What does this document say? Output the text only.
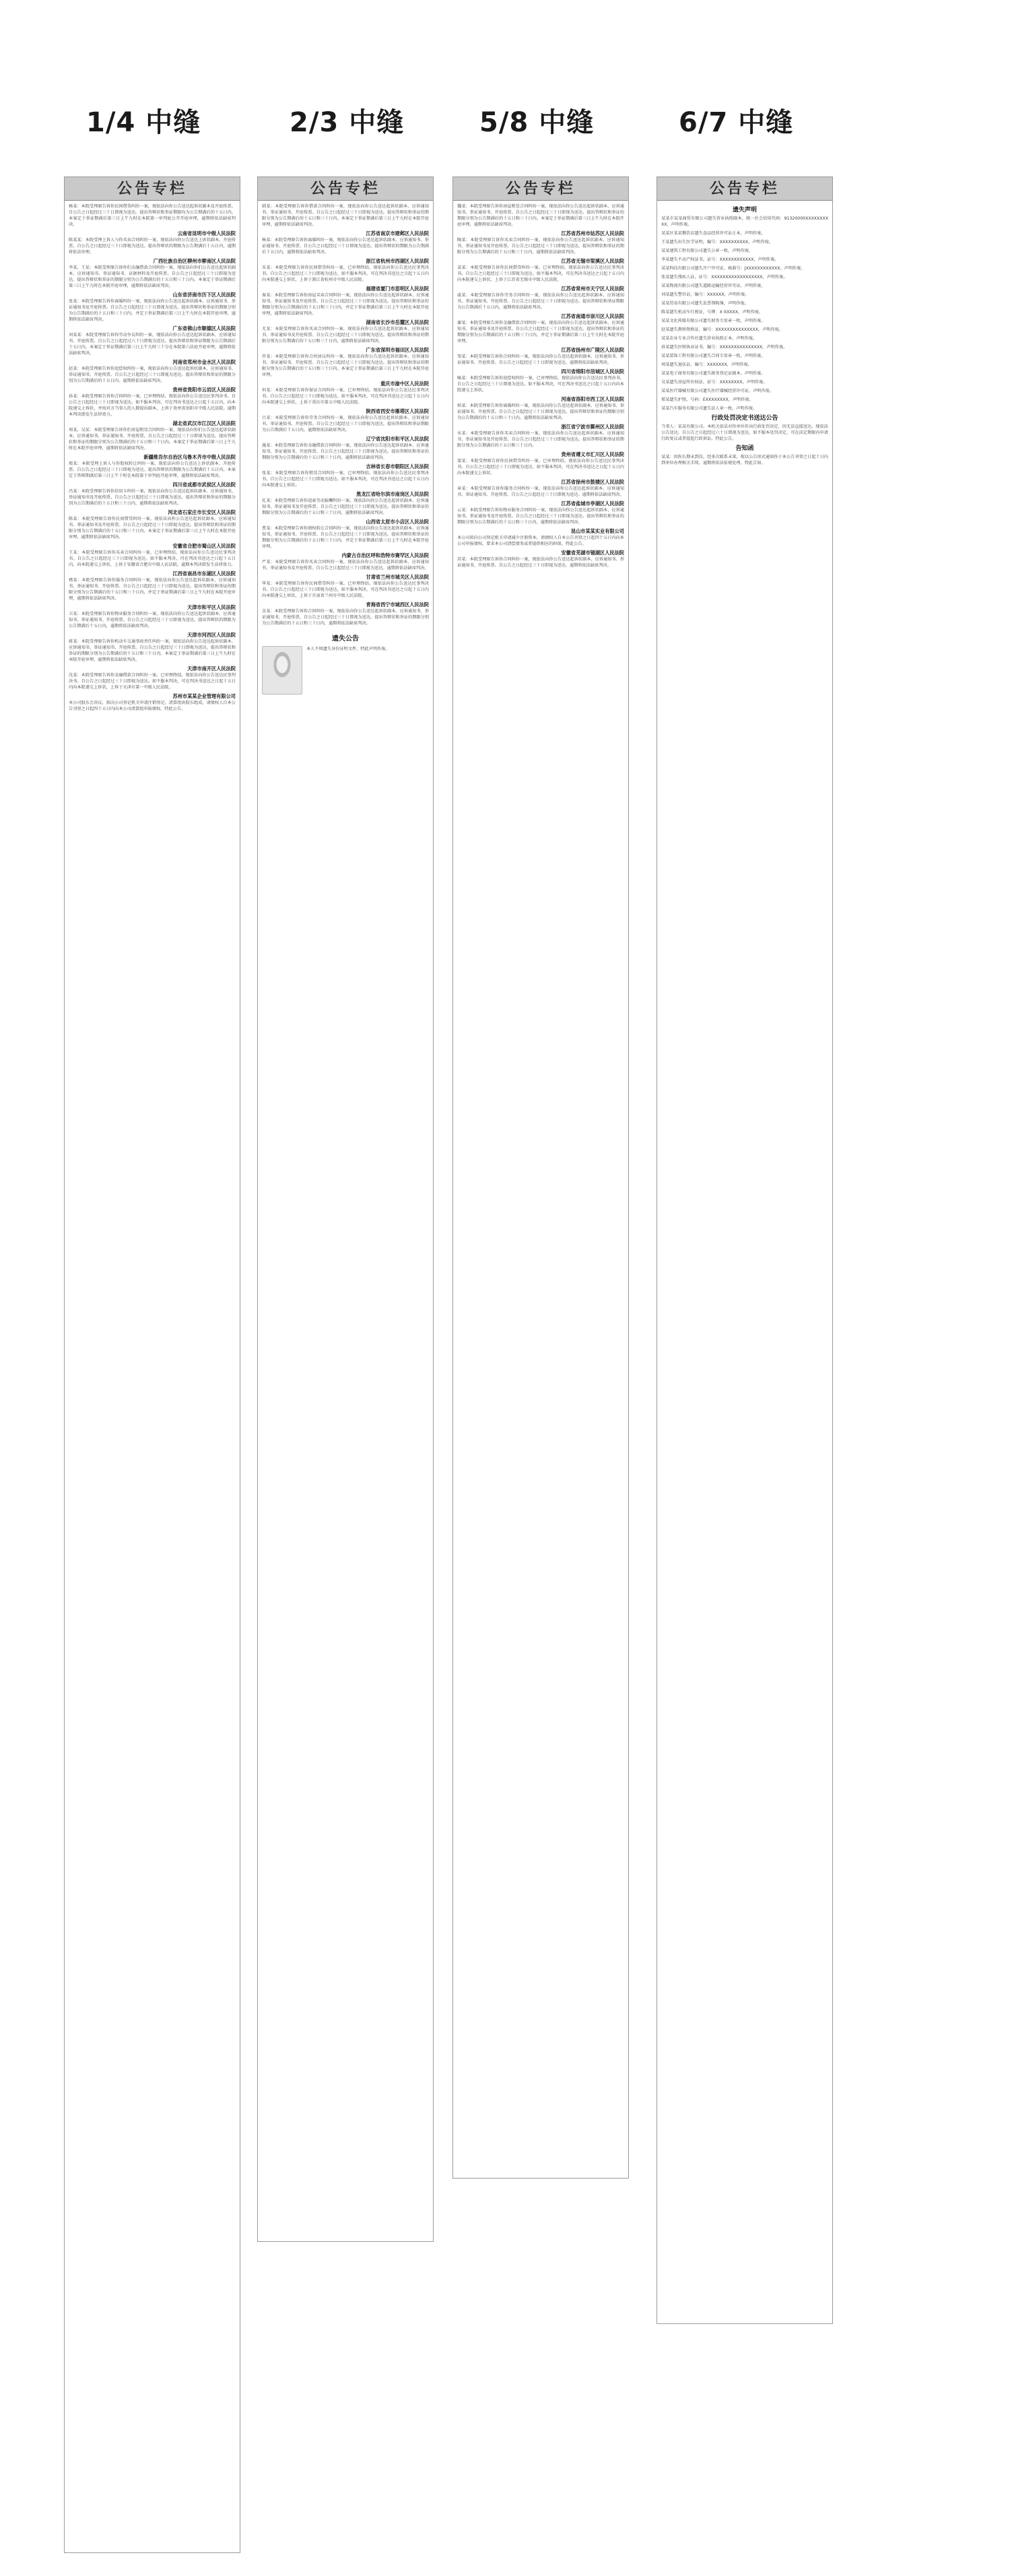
1/4 中缝	2/3 中缝	5/8 中缝	6/7 中缝
公告专栏
杨某：本院受理原告诉你民间借贷纠纷一案，现依法向你公告送达起诉状副本及开庭传票。自公告之日起经过三十日即视为送达。提出答辩状和举证期限均为公告期满后的十五日内。本案定于举证期满后第三日上午九时在本院第一审判庭公开开庭审理，逾期将依法缺席判决。
云南省昆明市中级人民法院
陈某某：本院受理上诉人与你买卖合同纠纷一案，现依法向你公告送达上诉状副本、开庭传票。自公告之日起经过三十日即视为送达。提出答辩状的期限为公告期满后十五日内，逾期将依法审理。
广西壮族自治区柳州市柳南区人民法院
李某、王某：本院受理原告诉你们金融借款合同纠纷一案，现依法向你们公告送达起诉状副本、应诉通知书、举证通知书、证据材料及开庭传票。自公告之日起经过三十日即视为送达。提出答辩状和举证的期限分别为公告期满后的十五日和三十日内。本案定于举证期满后第三日上午九时在本院开庭审理，逾期将依法缺席判决。
山东省济南市历下区人民法院
张某：本院受理原告诉你离婚纠纷一案，现依法向你公告送达起诉状副本、应诉通知书、举证通知书及开庭传票。自公告之日起经过三十日即视为送达。提出答辩状和举证的期限分别为公告期满后的十五日和三十日内，并定于举证期满后第三日上午九时在本院开庭审理，逾期将依法缺席判决。
广东省佛山市顺德区人民法院
刘某某：本院受理原告诉你劳动争议纠纷一案，现依法向你公告送达起诉状副本、应诉通知书、开庭传票。自公告之日起经过六十日即视为送达。提出答辩状和举证期限为公告期满后十五日内。本案定于举证期满后第三日上午九时三十分在本院第六法庭开庭审理，逾期将依法缺席判决。
河南省郑州市金水区人民法院
赵某：本院受理原告诉你追偿权纠纷一案，现依法向你公告送达起诉状副本、应诉通知书、举证通知书、开庭传票。自公告之日起经过三十日即视为送达。提出答辩状和举证的期限分别为公告期满后的十五日内。逾期将依法缺席判决。
贵州省贵阳市云岩区人民法院
孙某：本院受理原告诉你合同纠纷一案，已审理终结。现依法向你公告送达民事判决书。自公告之日起经过三十日即视为送达。如不服本判决，可在判决书送达之日起十五日内，向本院递交上诉状，并按对方当事人的人数提出副本，上诉于贵州省贵阳市中级人民法院。逾期本判决即发生法律效力。
湖北省武汉市江汉区人民法院
周某、吴某：本院受理原告诉你们房屋租赁合同纠纷一案，现依法向你们公告送达起诉状副本、应诉通知书、举证通知书、开庭传票。自公告之日起经过三十日即视为送达。提出答辩状和举证的期限分别为公告期满后的十五日和三十日内。本案定于举证期满后第三日上午九时在本院开庭审理，逾期将依法缺席判决。
新疆维吾尔自治区乌鲁木齐市中级人民法院
郑某：本院受理上诉人与你股权转让纠纷一案，现依法向你公告送达上诉状副本、开庭传票。自公告之日起经过三十日即视为送达。提出答辩状的期限为公告期满后十五日内。本案定于答辩期满后第三日上午十时在本院第十审判庭开庭审理，逾期将依法缺席判决。
四川省成都市武侯区人民法院
冯某：本院受理原告诉你信用卡纠纷一案，现依法向你公告送达起诉状副本、应诉通知书、举证通知书及开庭传票。自公告之日起经过三十日即视为送达。提出答辩状和举证的期限分别为公告期满后的十五日和三十日内，逾期将依法缺席判决。
河北省石家庄市长安区人民法院
陈某：本院受理原告诉你民间借贷纠纷一案，现依法向你公告送达起诉状副本、应诉通知书、举证通知书及开庭传票。自公告之日起经过三十日即视为送达。提出答辩状和举证的期限分别为公告期满后的十五日和三十日内。本案定于举证期满后第三日上午九时在本院开庭审理，逾期将依法缺席判决。
安徽省合肥市蜀山区人民法院
王某：本院受理原告诉你买卖合同纠纷一案，已审理终结。现依法向你公告送达民事判决书。自公告之日起经过三十日即视为送达。如不服本判决，可在判决书送达之日起十五日内，向本院递交上诉状，上诉于安徽省合肥市中级人民法院。逾期本判决即发生法律效力。
江西省南昌市东湖区人民法院
褚某：本院受理原告诉你服务合同纠纷一案，现依法向你公告送达起诉状副本、应诉通知书、举证通知书、开庭传票。自公告之日起经过三十日即视为送达。提出答辩状和举证的期限分别为公告期满后的十五日和三十日内，并定于举证期满后第三日上午九时在本院开庭审理，逾期将依法缺席判决。
天津市和平区人民法院
卫某：本院受理原告诉你物业服务合同纠纷一案，现依法向你公告送达起诉状副本、应诉通知书、举证通知书、开庭传票。自公告之日起经过三十日即视为送达。提出答辩状的期限为公告期满后十五日内，逾期将依法缺席判决。
天津市河西区人民法院
蒋某：本院受理原告诉你机动车交通事故责任纠纷一案，现依法向你公告送达起诉状副本、应诉通知书、举证通知书、开庭传票。自公告之日起经过三十日即视为送达。提出答辩状和举证的期限分别为公告期满后的十五日和三十日内。本案定于举证期满后第三日上午九时在本院开庭审理，逾期将依法缺席判决。
天津市南开区人民法院
沈某：本院受理原告诉你金融借款合同纠纷一案，已审理终结。现依法向你公告送达民事判决书。自公告之日起经过三十日即视为送达。如不服本判决，可在判决书送达之日起十五日内向本院递交上诉状，上诉于天津市第一中级人民法院。
苏州市某某企业管理有限公司
本公司股东会决议，拟向公司登记机关申请注销登记，清算组由股东组成，请债权人自本公告刊登之日起四十五日内向本公司清算组申报债权。特此公告。
公告专栏
韩某：本院受理原告诉你借款合同纠纷一案，现依法向你公告送达起诉状副本、应诉通知书、举证通知书、开庭传票。自公告之日起经过三十日即视为送达。提出答辩状和举证的期限分别为公告期满后的十五日和三十日内。本案定于举证期满后第三日上午九时在本院开庭审理，逾期将依法缺席判决。
江苏省南京市建邺区人民法院
杨某：本院受理原告诉你离婚纠纷一案，现依法向你公告送达起诉状副本、应诉通知书、举证通知书、开庭传票。自公告之日起经过三十日即视为送达。提出答辩状的期限为公告期满后十五日内，逾期将依法缺席判决。
浙江省杭州市西湖区人民法院
朱某：本院受理原告诉你民间借贷纠纷一案，已审理终结。现依法向你公告送达民事判决书。自公告之日起经过三十日即视为送达。如不服本判决，可在判决书送达之日起十五日内向本院递交上诉状，上诉于浙江省杭州市中级人民法院。
福建省厦门市思明区人民法院
秦某：本院受理原告诉你房屋买卖合同纠纷一案，现依法向你公告送达起诉状副本、应诉通知书、举证通知书及开庭传票。自公告之日起经过三十日即视为送达。提出答辩状和举证的期限分别为公告期满后的十五日和三十日内，并定于举证期满后第三日上午九时在本院开庭审理，逾期将依法缺席判决。
湖南省长沙市岳麓区人民法院
尤某：本院受理原告诉你买卖合同纠纷一案，现依法向你公告送达起诉状副本、应诉通知书、举证通知书及开庭传票。自公告之日起经过三十日即视为送达。提出答辩状和举证的期限分别为公告期满后的十五日和三十日内，逾期将依法缺席判决。
广东省深圳市福田区人民法院
许某：本院受理原告诉你合伙协议纠纷一案，现依法向你公告送达起诉状副本、应诉通知书、举证通知书、开庭传票。自公告之日起经过三十日即视为送达。提出答辩状和举证的期限分别为公告期满后的十五日和三十日内。本案定于举证期满后第三日上午九时在本院开庭审理。
重庆市渝中区人民法院
何某：本院受理原告诉你保证合同纠纷一案，已审理终结。现依法向你公告送达民事判决书。自公告之日起经过三十日即视为送达。如不服本判决，可在判决书送达之日起十五日内向本院递交上诉状，上诉于重庆市第五中级人民法院。
陕西省西安市雁塔区人民法院
吕某：本院受理原告诉你劳务合同纠纷一案，现依法向你公告送达起诉状副本、应诉通知书、举证通知书、开庭传票。自公告之日起经过三十日即视为送达。提出答辩状和举证期限为公告期满后十五日内，逾期将依法缺席判决。
辽宁省沈阳市和平区人民法院
施某：本院受理原告诉你金融借款合同纠纷一案，现依法向你公告送达起诉状副本、应诉通知书、举证通知书、开庭传票。自公告之日起经过三十日即视为送达。提出答辩状和举证的期限分别为公告期满后的十五日和三十日内，逾期将依法缺席判决。
吉林省长春市朝阳区人民法院
张某：本院受理原告诉你租赁合同纠纷一案，已审理终结。现依法向你公告送达民事判决书。自公告之日起经过三十日即视为送达。如不服本判决，可在判决书送达之日起十五日内向本院递交上诉状。
黑龙江省哈尔滨市南岗区人民法院
孔某：本院受理原告诉你追索劳动报酬纠纷一案，现依法向你公告送达起诉状副本、应诉通知书、举证通知书及开庭传票。自公告之日起经过三十日即视为送达。提出答辩状和举证的期限分别为公告期满后的十五日和三十日内，逾期将依法缺席判决。
山西省太原市小店区人民法院
曹某：本院受理原告诉你债权转让合同纠纷一案，现依法向你公告送达起诉状副本、应诉通知书、举证通知书、开庭传票。自公告之日起经过三十日即视为送达。提出答辩状和举证的期限分别为公告期满后的十五日和三十日内，并定于举证期满后第三日上午九时在本院开庭审理。
内蒙古自治区呼和浩特市赛罕区人民法院
严某：本院受理原告诉你买卖合同纠纷一案，现依法向你公告送达起诉状副本、应诉通知书、举证通知书及开庭传票。自公告之日起经过三十日即视为送达。逾期将依法缺席判决。
甘肃省兰州市城关区人民法院
华某：本院受理原告诉你民间借贷纠纷一案，已审理终结。现依法向你公告送达民事判决书。自公告之日起经过三十日即视为送达。如不服本判决，可在判决书送达之日起十五日内向本院递交上诉状，上诉于甘肃省兰州市中级人民法院。
青海省西宁市城西区人民法院
金某：本院受理原告诉你合同纠纷一案，现依法向你公告送达起诉状副本、应诉通知书、举证通知书、开庭传票。自公告之日起经过三十日即视为送达。提出答辩状和举证的期限分别为公告期满后的十五日和三十日内，逾期将依法缺席判决。
遗失公告
本人不慎遗失身份证明文件，特此声明作废。
公告专栏
魏某：本院受理原告诉你房屋租赁合同纠纷一案，现依法向你公告送达起诉状副本、应诉通知书、举证通知书、开庭传票。自公告之日起经过三十日即视为送达。提出答辩状和举证的期限分别为公告期满后的十五日和三十日内。本案定于举证期满后第三日上午九时在本院开庭审理，逾期将依法缺席判决。
江苏省苏州市姑苏区人民法院
陶某：本院受理原告诉你买卖合同纠纷一案，现依法向你公告送达起诉状副本、应诉通知书、举证通知书及开庭传票。自公告之日起经过三十日即视为送达。提出答辩状和举证的期限分别为公告期满后的十五日和三十日内，逾期将依法缺席判决。
江苏省无锡市梁溪区人民法院
姜某：本院受理原告诉你民间借贷纠纷一案，已审理终结。现依法向你公告送达民事判决书。自公告之日起经过三十日即视为送达。如不服本判决，可在判决书送达之日起十五日内向本院递交上诉状，上诉于江苏省无锡市中级人民法院。
江苏省常州市天宁区人民法院
戚某：本院受理原告诉你劳务合同纠纷一案，现依法向你公告送达起诉状副本、应诉通知书、举证通知书、开庭传票。自公告之日起经过三十日即视为送达。提出答辩状和举证期限为公告期满后十五日内，逾期将依法缺席判决。
江苏省南通市崇川区人民法院
谢某：本院受理原告诉你金融借款合同纠纷一案，现依法向你公告送达起诉状副本、应诉通知书、举证通知书及开庭传票。自公告之日起经过三十日即视为送达。提出答辩状和举证的期限分别为公告期满后的十五日和三十日内，并定于举证期满后第三日上午九时在本院开庭审理。
江苏省扬州市广陵区人民法院
邹某：本院受理原告诉你合同纠纷一案，现依法向你公告送达起诉状副本、应诉通知书、举证通知书、开庭传票。自公告之日起经过三十日即视为送达。逾期将依法缺席判决。
四川省绵阳市涪城区人民法院
喻某：本院受理原告诉你追偿权纠纷一案，已审理终结。现依法向你公告送达民事判决书。自公告之日起经过三十日即视为送达。如不服本判决，可在判决书送达之日起十五日内向本院递交上诉状。
河南省洛阳市西工区人民法院
柏某：本院受理原告诉你离婚纠纷一案，现依法向你公告送达起诉状副本、应诉通知书、举证通知书、开庭传票。自公告之日起经过三十日即视为送达。提出答辩状和举证的期限分别为公告期满后的十五日和三十日内，逾期将依法缺席判决。
浙江省宁波市鄞州区人民法院
水某：本院受理原告诉你买卖合同纠纷一案，现依法向你公告送达起诉状副本、应诉通知书、举证通知书及开庭传票。自公告之日起经过三十日即视为送达。提出答辩状和举证的期限分别为公告期满后的十五日和三十日内。
贵州省遵义市汇川区人民法院
窦某：本院受理原告诉你民间借贷纠纷一案，已审理终结。现依法向你公告送达民事判决书。自公告之日起经过三十日即视为送达。如不服本判决，可在判决书送达之日起十五日内向本院递交上诉状。
江苏省徐州市鼓楼区人民法院
章某：本院受理原告诉你服务合同纠纷一案，现依法向你公告送达起诉状副本、应诉通知书、举证通知书、开庭传票。自公告之日起经过三十日即视为送达。逾期将依法缺席判决。
江苏省盐城市亭湖区人民法院
云某：本院受理原告诉你物业服务合同纠纷一案，现依法向你公告送达起诉状副本、应诉通知书、举证通知书及开庭传票。自公告之日起经过三十日即视为送达。提出答辩状和举证的期限分别为公告期满后的十五日和三十日内，逾期将依法缺席判决。
昆山市某某实业有限公司
本公司拟向公司登记机关申请减少注册资本，请债权人自本公告刊登之日起四十五日内向本公司申报债权，要求本公司清偿债务或者提供相应的担保。特此公告。
安徽省芜湖市镜湖区人民法院
苏某：本院受理原告诉你合同纠纷一案，现依法向你公告送达起诉状副本、应诉通知书、举证通知书、开庭传票。自公告之日起经过三十日即视为送达。逾期将依法缺席判决。
公告专栏
遗失声明
某某市某某商贸有限公司遗失营业执照副本，统一社会信用代码：91320000XXXXXXXXXX，声明作废。
某某区某某餐饮店遗失食品经营许可证正本，声明作废。
王某遗失出生医学证明，编号：XXXXXXXXXX，声明作废。
某某建筑工程有限公司遗失公章一枚，声明作废。
李某遗失不动产权证书，证号：XXXXXXXXXXXX，声明作废。
某某科技有限公司遗失开户许可证，核准号：JXXXXXXXXXXXX，声明作废。
张某遗失残疾人证，证号：XXXXXXXXXXXXXXXXXX，声明作废。
某某物流有限公司遗失道路运输经营许可证，声明作废。
刘某遗失警官证，编号：XXXXXX，声明作废。
某某贸易有限公司遗失发票领购簿，声明作废。
陈某遗失机动车行驶证，号牌：X·XXXXX，声明作废。
某某文化传媒有限公司遗失财务专用章一枚，声明作废。
赵某遗失教师资格证，编号：XXXXXXXXXXXXXXX，声明作废。
某某农业专业合作社遗失营业执照正本，声明作废。
孙某遗失医师执业证书，编号：XXXXXXXXXXXXXXX，声明作废。
某某装饰工程有限公司遗失合同专用章一枚，声明作废。
周某遗失退伍证，编号：XXXXXXX，声明作废。
某某电子商务有限公司遗失税务登记证副本，声明作废。
吴某遗失房屋所有权证，证号：XXXXXXXX，声明作废。
某某医疗器械有限公司遗失医疗器械经营许可证，声明作废。
郑某遗失护照，号码：EXXXXXXXX，声明作废。
某某汽车服务有限公司遗失法人章一枚，声明作废。
行政处罚决定书送达公告
当事人：某某有限公司。本机关依法对你单位作出行政处罚决定，因无法直接送达，现依法公告送达，自公告之日起经过六十日即视为送达。如不服本处罚决定，可在法定期限内申请行政复议或者提起行政诉讼。特此公告。
告知函
某某：因你长期未到岗，经多次联系未果，现以公告形式通知你于本公告刊登之日起十日内到单位办理相关手续，逾期将依法依规处理。特此告知。
